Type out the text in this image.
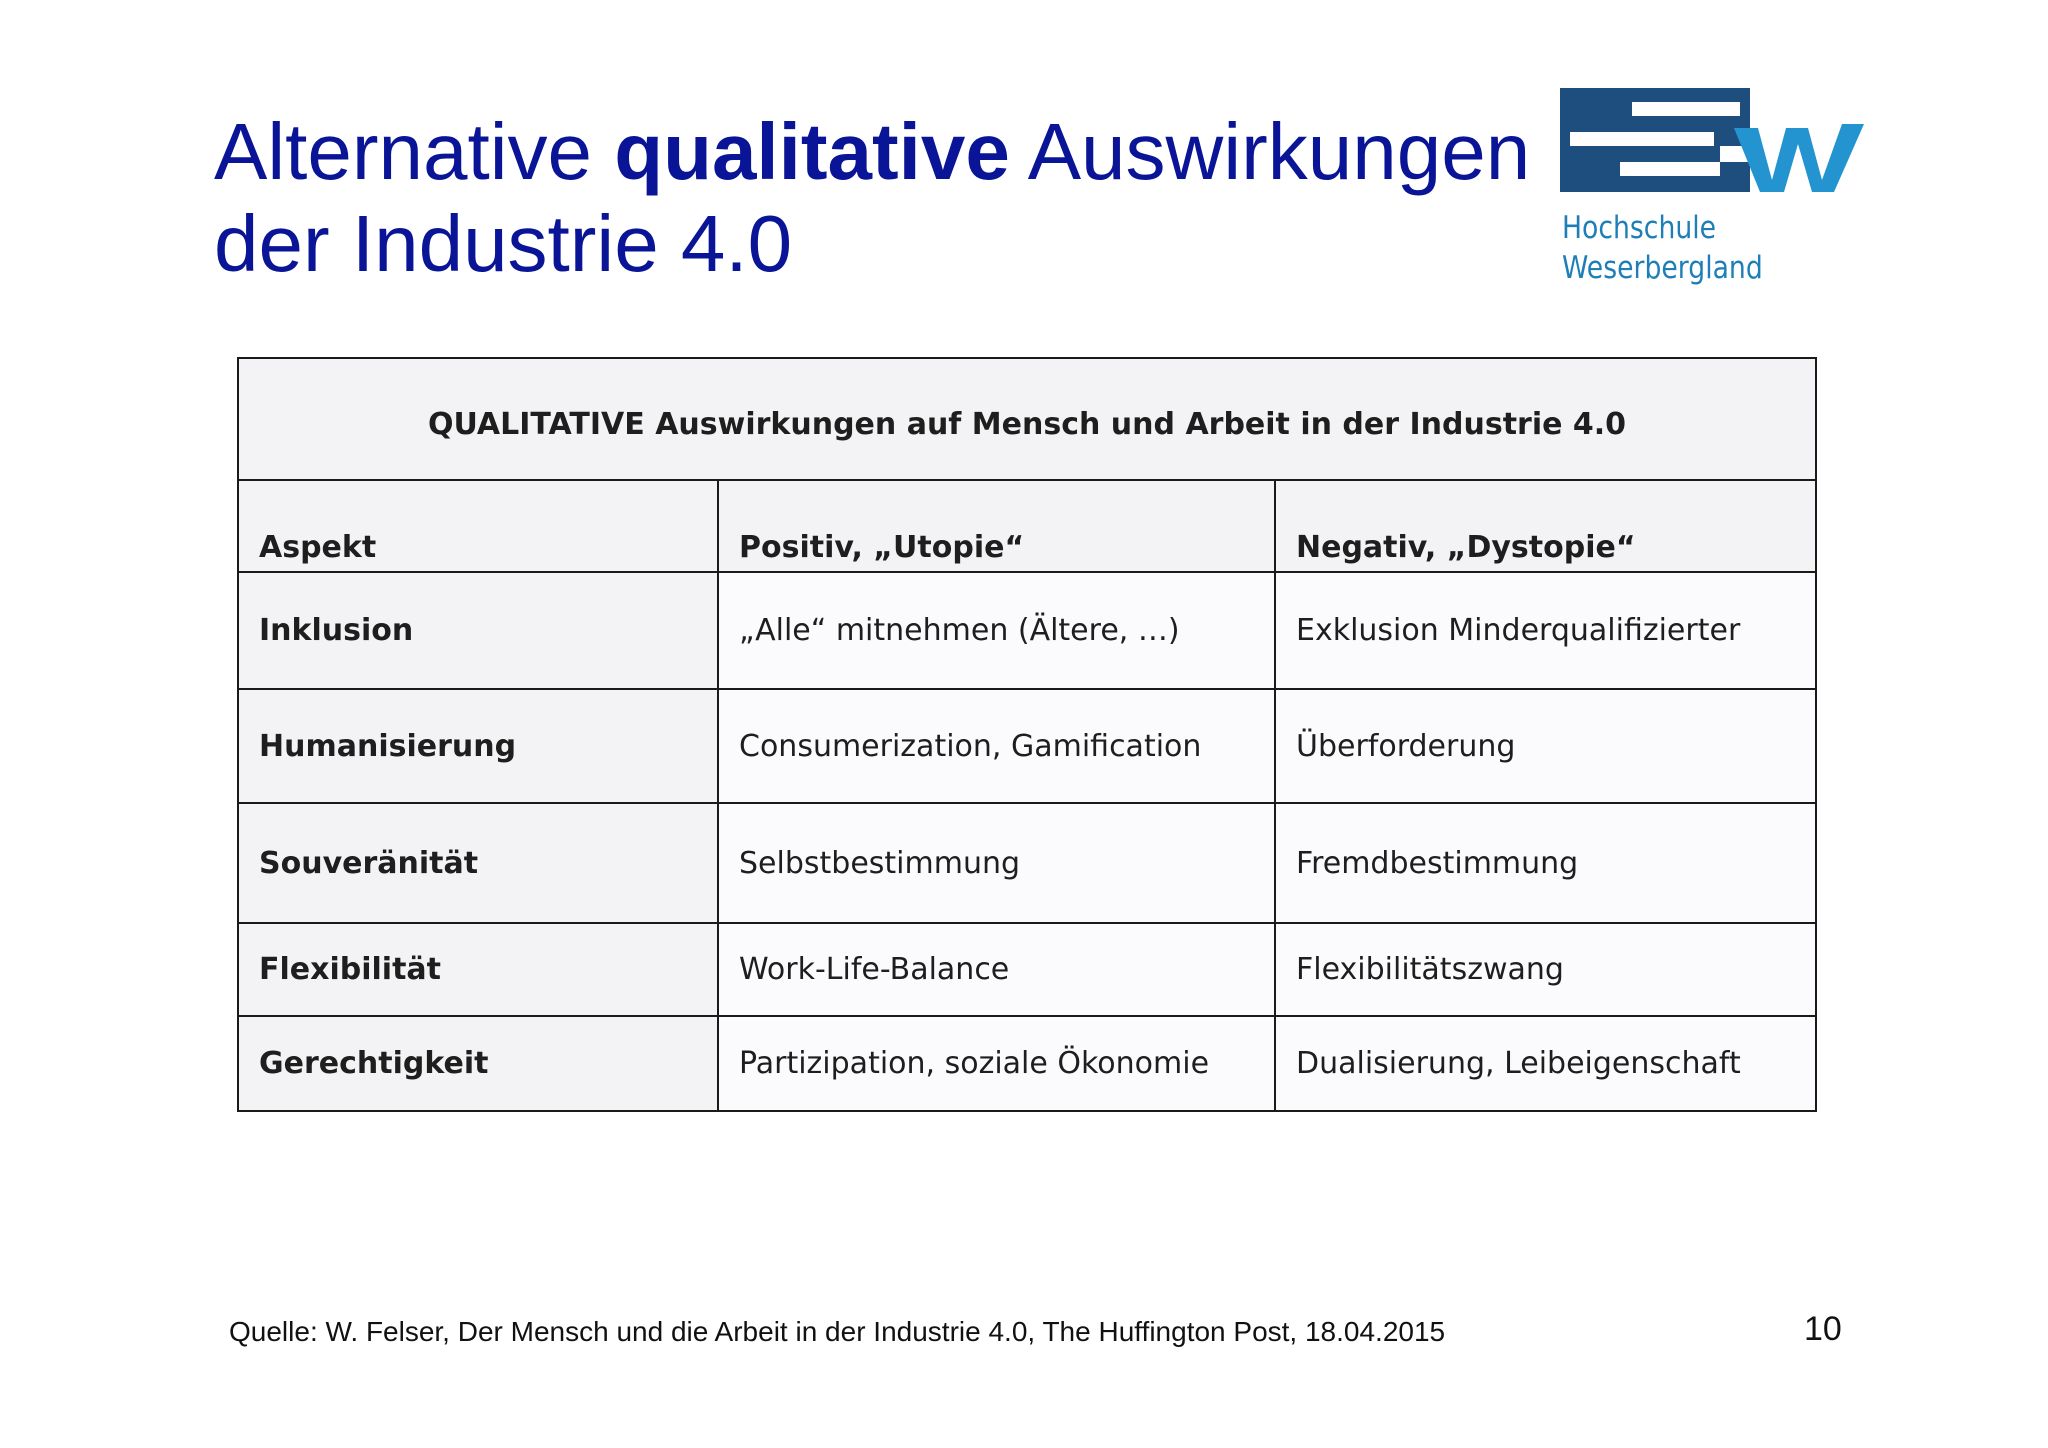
Alternative qualitative Auswirkungen
der Industrie 4.0	Hochschule
Weserbergland
QUALITATIVE Auswirkungen auf Mensch und Arbeit in der Industrie 4.0		
Aspekt	Positiv, „Utopie“	Negativ, „Dystopie“
Inklusion	„Alle“ mitnehmen (Ältere, …)	Exklusion Minderqualifizierter
Humanisierung	Consumerization, Gamification	Überforderung
Souveränität	Selbstbestimmung	Fremdbestimmung
Flexibilität	Work-Life-Balance	Flexibilitätszwang
Gerechtigkeit	Partizipation, soziale Ökonomie	Dualisierung, Leibeigenschaft
Quelle: W. Felser, Der Mensch und die Arbeit in der Industrie 4.0, The Huffington Post, 18.04.2015	10
